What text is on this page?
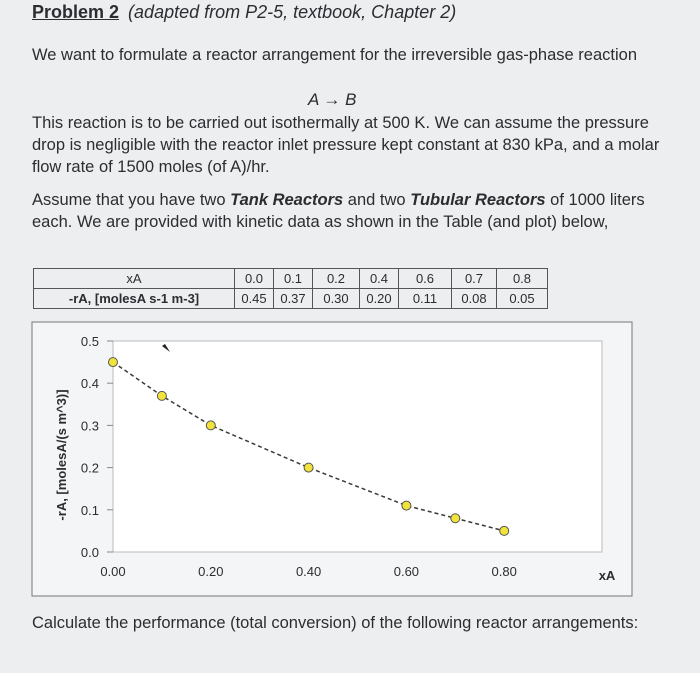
Problem 2 (adapted from P2-5, textbook, Chapter 2)
We want to formulate a reactor arrangement for the irreversible gas-phase reaction
A → B
This reaction is to be carried out isothermally at 500 K. We can assume the pressure drop is negligible with the reactor inlet pressure kept constant at 830 kPa, and a molar flow rate of 1500 moles (of A)/hr.
Assume that you have two Tank Reactors and two Tubular Reactors of 1000 liters each. We are provided with kinetic data as shown in the Table (and plot) below,
xA	0.0	0.1	0.2	0.4	0.6	0.7	0.8
-rA, [molesA s-1 m-3]	0.45	0.37	0.30	0.20	0.11	0.08	0.05
0.0
0.1
0.2
0.3
0.4
0.5
0.00	0.20	0.40	0.60	0.80
-rA, [molesA/(s m^3)]
xA
Calculate the performance (total conversion) of the following reactor arrangements:
